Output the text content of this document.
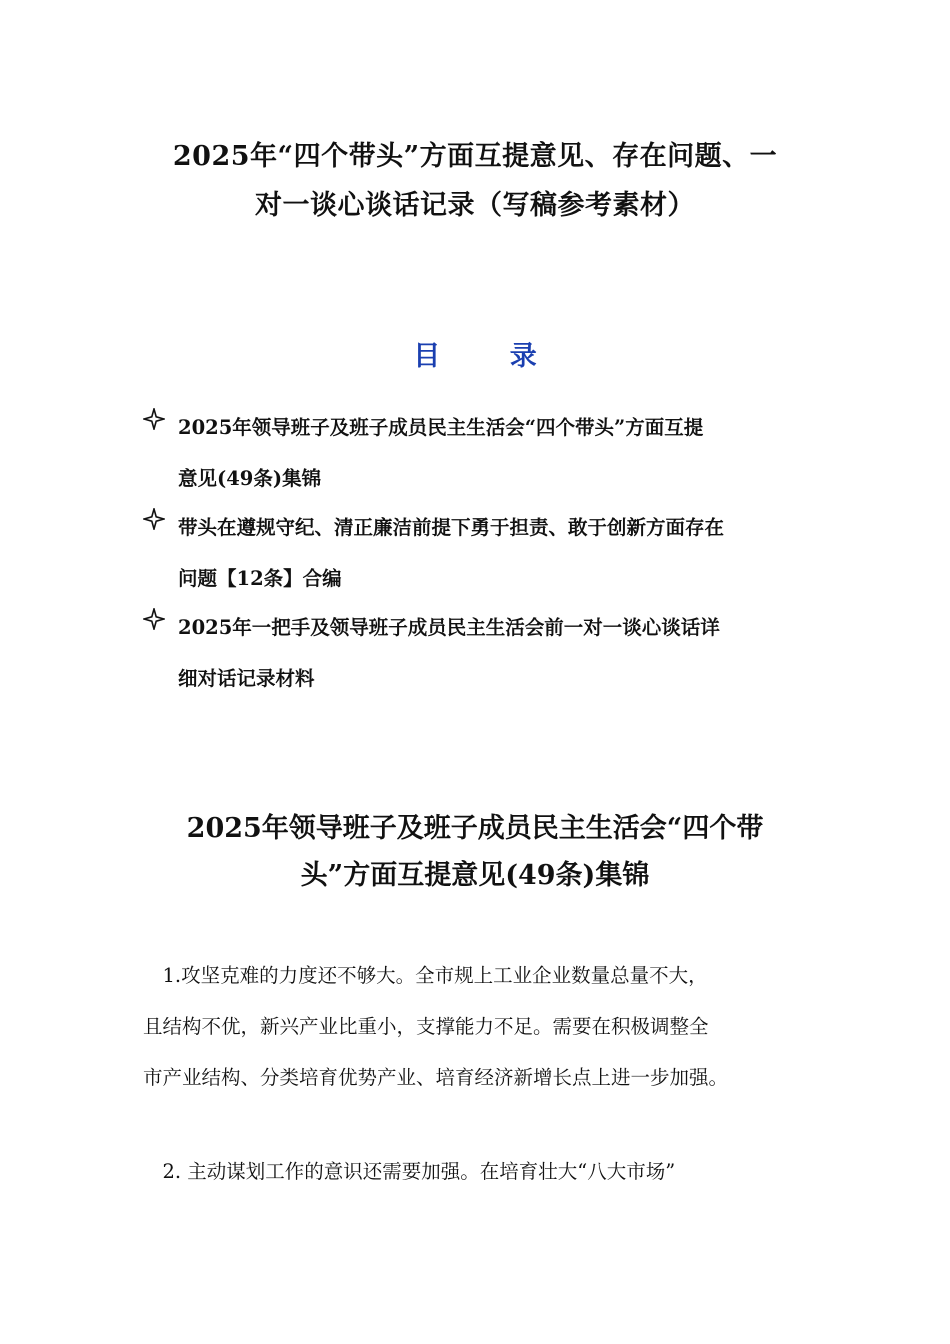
2025年“四个带头”方面互提意见、存在问题、一
对一谈心谈话记录（写稿参考素材）
目 录
2025年领导班子及班子成员民主生活会“四个带头”方面互提
意见(49条)集锦
带头在遵规守纪、清正廉洁前提下勇于担责、敢于创新方面存在
问题【12条】合编
2025年一把手及领导班子成员民主生活会前一对一谈心谈话详
细对话记录材料
2025年领导班子及班子成员民主生活会“四个带
头”方面互提意见(49条)集锦
　1.攻坚克难的力度还不够大。全市规上工业企业数量总量不大，
且结构不优，新兴产业比重小，支撑能力不足。需要在积极调整全
市产业结构、分类培育优势产业、培育经济新增长点上进一步加强。
　2. 主动谋划工作的意识还需要加强。在培育壮大“八大市场”
